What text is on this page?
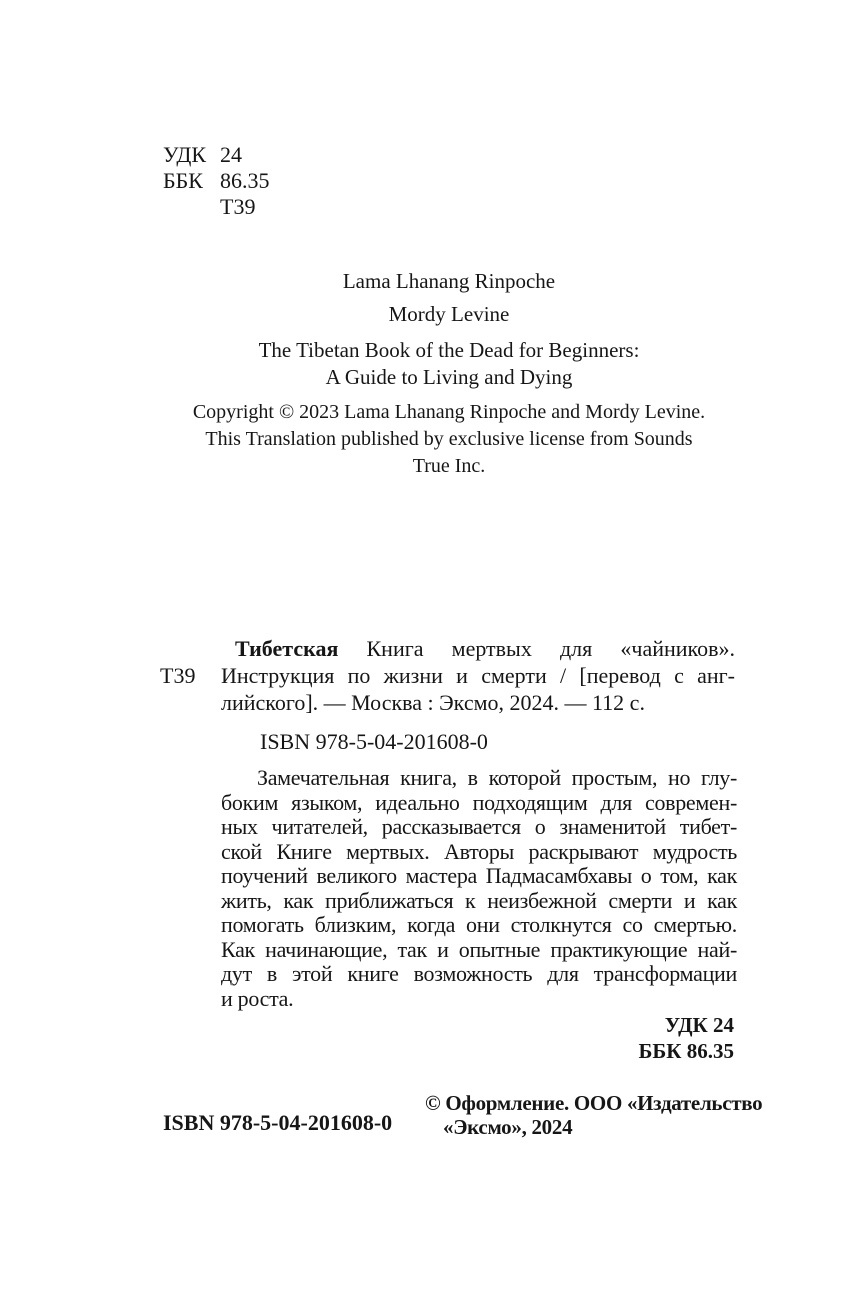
УДК 24
ББК 86.35
Т39
Lama Lhanang Rinpoche
Mordy Levine
The Tibetan Book of the Dead for Beginners:
A Guide to Living and Dying
Copyright © 2023 Lama Lhanang Rinpoche and Mordy Levine.
This Translation published by exclusive license from Sounds
True Inc.
Т39
Тибетская Книга мертвых для «чайников».
Инструкция по жизни и смерти / [перевод с анг-
лийского]. — Москва : Эксмо, 2024. — 112 с.
ISBN 978-5-04-201608-0
Замечательная книга, в которой простым, но глу-
боким языком, идеально подходящим для современ-
ных читателей, рассказывается о знаменитой тибет-
ской Книге мертвых. Авторы раскрывают мудрость
поучений великого мастера Падмасамбхавы о том, как
жить, как приближаться к неизбежной смерти и как
помогать близким, когда они столкнутся со смертью.
Как начинающие, так и опытные практикующие най-
дут в этой книге возможность для трансформации
и роста.
УДК 24
ББК 86.35
© Оформление. ООО «Издательство
«Эксмо», 2024
ISBN 978-5-04-201608-0
